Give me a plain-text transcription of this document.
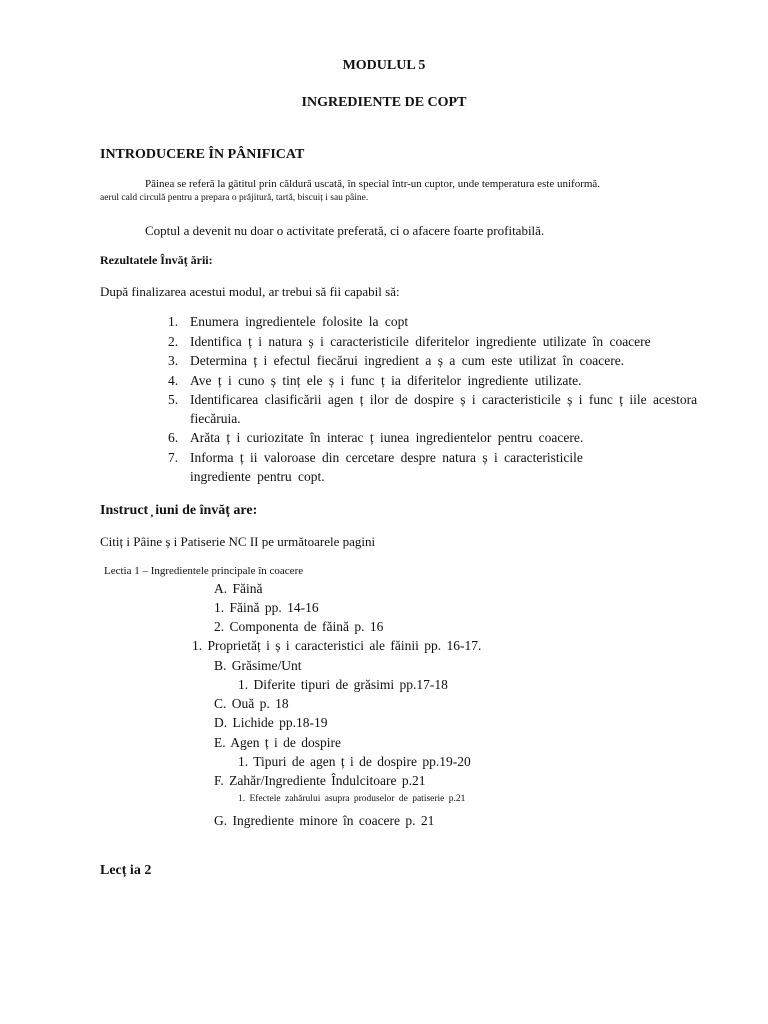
MODULUL 5
INGREDIENTE DE COPT
INTRODUCERE ÎN PÂNIFICAT
Pâinea se referă la gătitul prin căldură uscată, în special într-un cuptor, unde temperatura este uniformă.
aerul cald circulă pentru a prepara o prăjitură, tartă, biscuiț i sau pâine.
Coptul a devenit nu doar o activitate preferată, ci o afacere foarte profitabilă.
Rezultatele Învăț ării:
După finalizarea acestui modul, ar trebui să fii capabil să:
1. Enumera ingredientele folosite la copt
2. Identifica ț i natura ș i caracteristicile diferitelor ingrediente utilizate în coacere
3. Determina ț i efectul fiecărui ingredient a ș a cum este utilizat în coacere.
4. Ave ț i cuno ș tinț ele ș i func ț ia diferitelor ingrediente utilizate.
5. Identificarea clasificării agen ț ilor de dospire ș i caracteristicile ș i func ț iile acestora
fiecăruia.
6. Arăta ț i curiozitate în interac ț iunea ingredientelor pentru coacere.
7. Informa ț ii valoroase din cercetare despre natura ș i caracteristicile
ingrediente pentru copt.
Instruct ̦ iuni de învăț are:
Citiț i Pâine ș i Patiserie NC II pe următoarele pagini
Lectia 1 – Ingredientele principale în coacere
A. Făină
1. Făină pp. 14-16
2. Componenta de făină p. 16
1. Proprietăț i ș i caracteristici ale făinii pp. 16-17.
B. Grăsime/Unt
1. Diferite tipuri de grăsimi pp.17-18
C. Ouă p. 18
D. Lichide pp.18-19
E. Agen ț i de dospire
1. Tipuri de agen ț i de dospire pp.19-20
F. Zahăr/Ingrediente Îndulcitoare p.21
1. Efectele zahărului asupra produselor de patiserie p.21
G. Ingrediente minore în coacere p. 21
Lecț ia 2
